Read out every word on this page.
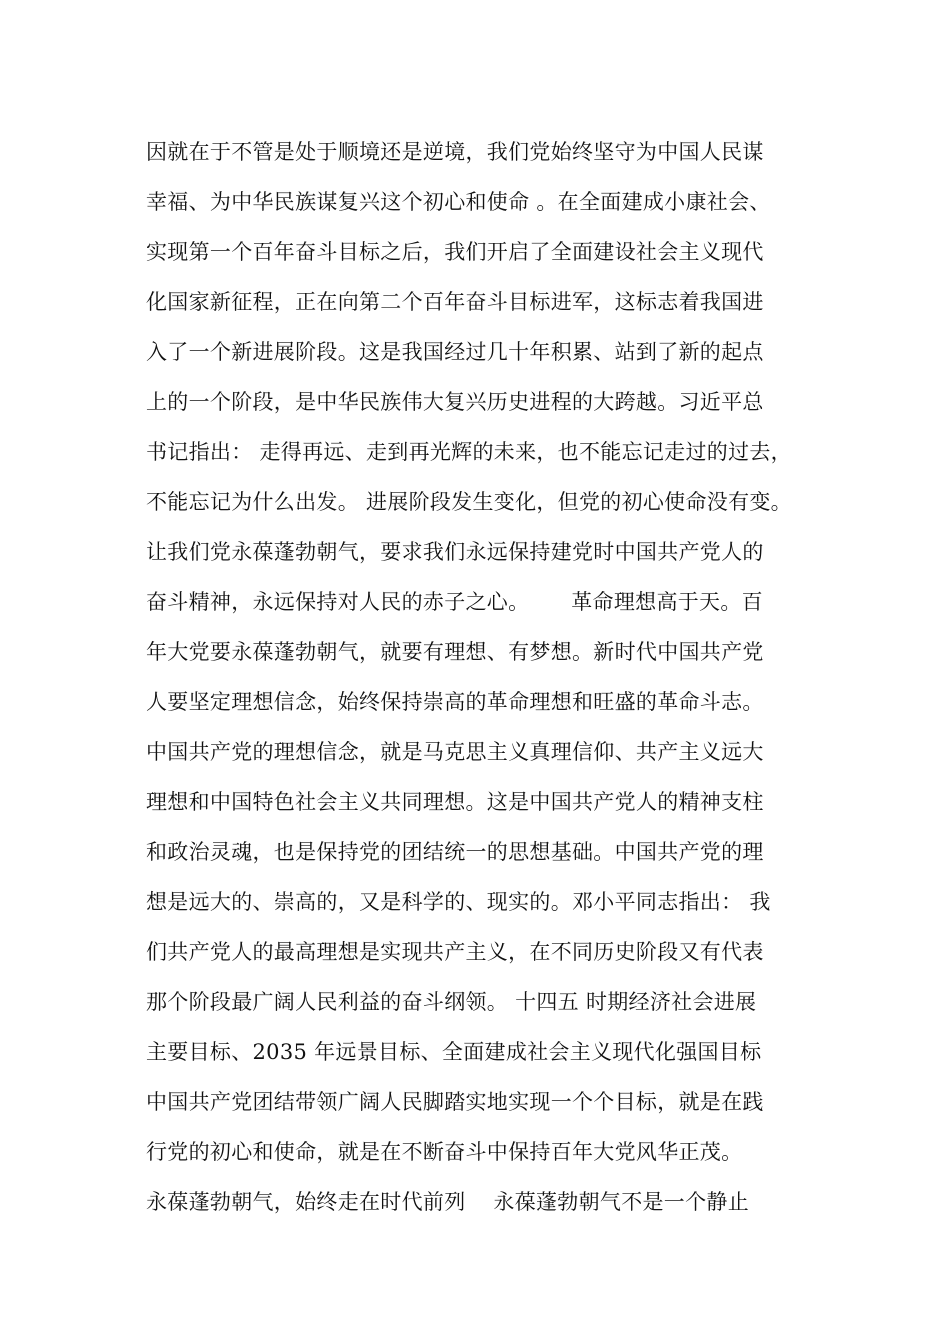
因就在于不管是处于顺境还是逆境，我们党始终坚守为中国人民谋
幸福、为中华民族谋复兴这个初心和使命 。在全面建成小康社会、
实现第一个百年奋斗目标之后，我们开启了全面建设社会主义现代
化国家新征程，正在向第二个百年奋斗目标进军，这标志着我国进
入了一个新进展阶段。这是我国经过几十年积累、站到了新的起点
上的一个阶段，是中华民族伟大复兴历史进程的大跨越。习近平总
书记指出： 走得再远、走到再光辉的未来，也不能忘记走过的过去，
不能忘记为什么出发。 进展阶段发生变化，但党的初心使命没有变。
让我们党永葆蓬勃朝气，要求我们永远保持建党时中国共产党人的
奋斗精神，永远保持对人民的赤子之心。      革命理想高于天。百
年大党要永葆蓬勃朝气，就要有理想、有梦想。新时代中国共产党
人要坚定理想信念，始终保持崇高的革命理想和旺盛的革命斗志。
中国共产党的理想信念，就是马克思主义真理信仰、共产主义远大
理想和中国特色社会主义共同理想。这是中国共产党人的精神支柱
和政治灵魂，也是保持党的团结统一的思想基础。中国共产党的理
想是远大的、崇高的，又是科学的、现实的。邓小平同志指出： 我
们共产党人的最高理想是实现共产主义，在不同历史阶段又有代表
那个阶段最广阔人民利益的奋斗纲领。 十四五 时期经济社会进展
主要目标、2035 年远景目标、全面建成社会主义现代化强国目标
中国共产党团结带领广阔人民脚踏实地实现一个个目标，就是在践
行党的初心和使命，就是在不断奋斗中保持百年大党风华正茂。
永葆蓬勃朝气，始终走在时代前列    永葆蓬勃朝气不是一个静止
